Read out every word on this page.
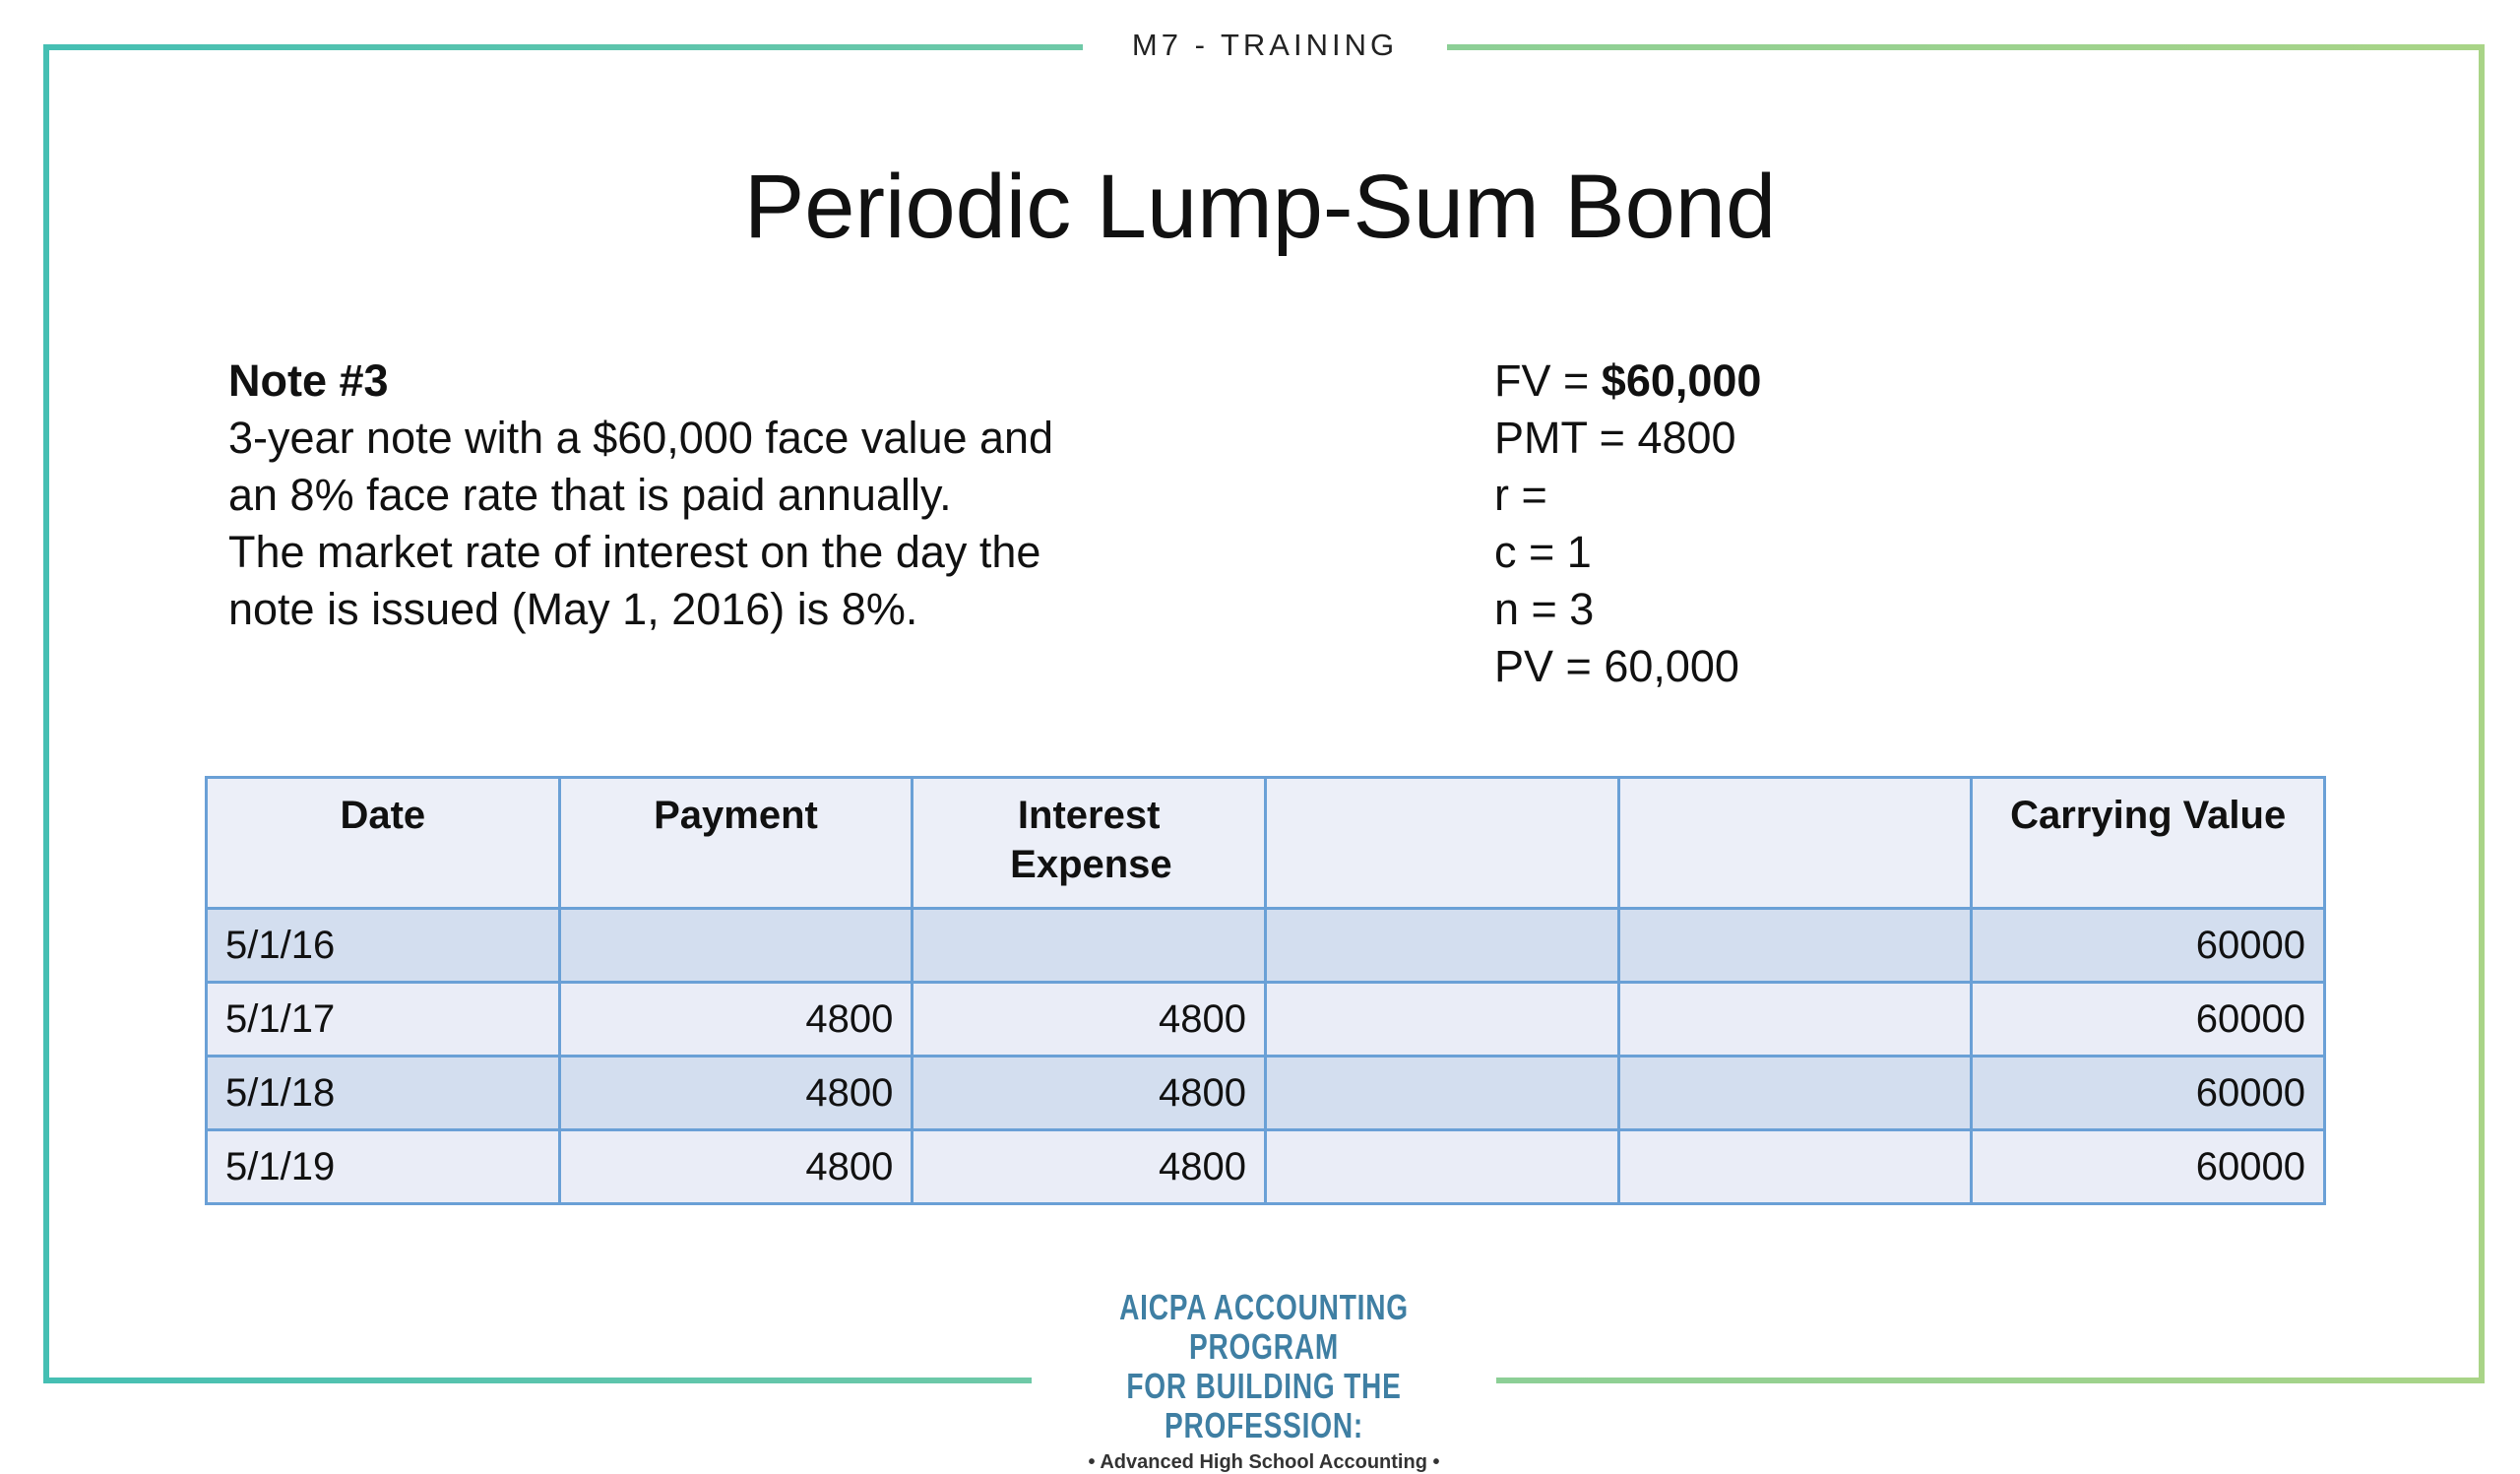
M7 - TRAINING
Periodic Lump-Sum Bond
Note #3
3-year note with a $60,000 face value and
an 8% face rate that is paid annually.
The market rate of interest on the day the
note is issued (May 1, 2016) is 8%.
FV = $60,000
PMT = 4800
r =
c = 1
n = 3
PV = 60,000
Date	Payment	Interest Expense			Carrying Value
5/1/16					60000
5/1/17	4800	4800			60000
5/1/18	4800	4800			60000
5/1/19	4800	4800			60000
AICPA ACCOUNTING PROGRAM
FOR BUILDING THE PROFESSION:
• Advanced High School Accounting •
